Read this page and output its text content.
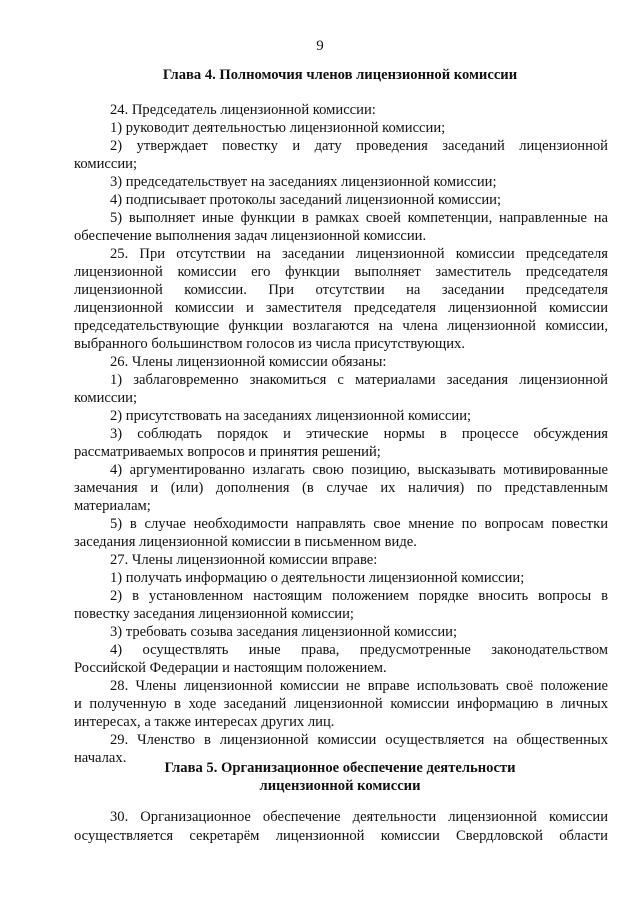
9
Глава 4. Полномочия членов лицензионной комиссии
24. Председатель лицензионной комиссии:
1) руководит деятельностью лицензионной комиссии;
2) утверждает повестку и дату проведения заседаний лицензионной
комиссии;
3) председательствует на заседаниях лицензионной комиссии;
4) подписывает протоколы заседаний лицензионной комиссии;
5) выполняет иные функции в рамках своей компетенции, направленные на
обеспечение выполнения задач лицензионной комиссии.
25. При отсутствии на заседании лицензионной комиссии председателя
лицензионной комиссии его функции выполняет заместитель председателя
лицензионной комиссии. При отсутствии на заседании председателя
лицензионной комиссии и заместителя председателя лицензионной комиссии
председательствующие функции возлагаются на члена лицензионной комиссии,
выбранного большинством голосов из числа присутствующих.
26. Члены лицензионной комиссии обязаны:
1) заблаговременно знакомиться с материалами заседания лицензионной
комиссии;
2) присутствовать на заседаниях лицензионной комиссии;
3) соблюдать порядок и этические нормы в процессе обсуждения
рассматриваемых вопросов и принятия решений;
4) аргументированно излагать свою позицию, высказывать мотивированные
замечания и (или) дополнения (в случае их наличия) по представленным
материалам;
5) в случае необходимости направлять свое мнение по вопросам повестки
заседания лицензионной комиссии в письменном виде.
27. Члены лицензионной комиссии вправе:
1) получать информацию о деятельности лицензионной комиссии;
2) в установленном настоящим положением порядке вносить вопросы в
повестку заседания лицензионной комиссии;
3) требовать созыва заседания лицензионной комиссии;
4) осуществлять иные права, предусмотренные законодательством
Российской Федерации и настоящим положением.
28. Члены лицензионной комиссии не вправе использовать своё положение
и полученную в ходе заседаний лицензионной комиссии информацию в личных
интересах, а также интересах других лиц.
29. Членство в лицензионной комиссии осуществляется на общественных
началах.
Глава 5. Организационное обеспечение деятельности
лицензионной комиссии
30. Организационное обеспечение деятельности лицензионной комиссии
осуществляется секретарём лицензионной комиссии Свердловской области
